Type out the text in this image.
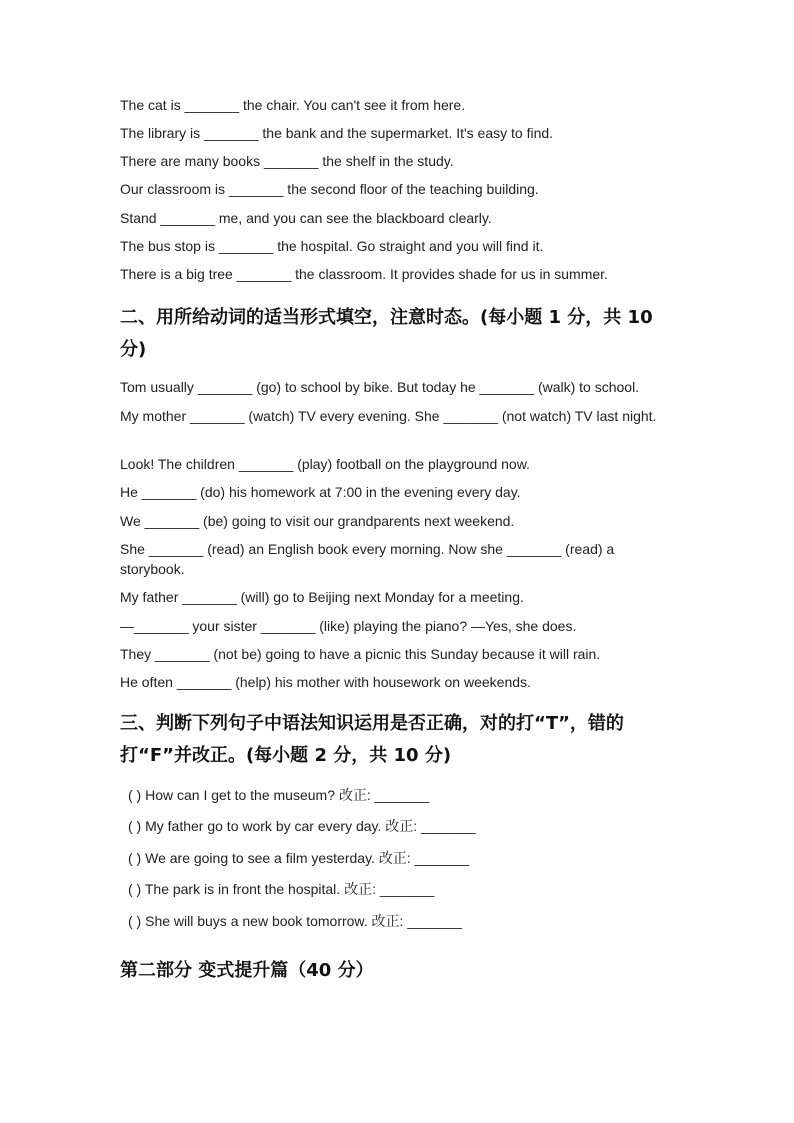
The cat is _______ the chair. You can't see it from here.
The library is _______ the bank and the supermarket. It's easy to find.
There are many books _______ the shelf in the study.
Our classroom is _______ the second floor of the teaching building.
Stand _______ me, and you can see the blackboard clearly.
The bus stop is _______ the hospital. Go straight and you will find it.
There is a big tree _______ the classroom. It provides shade for us in summer.
二、用所给动词的适当形式填空，注意时态。(每小题 1 分，共 10 分)
Tom usually _______ (go) to school by bike. But today he _______ (walk) to school.
My mother _______ (watch) TV every evening. She _______ (not watch) TV last night.
Look! The children _______ (play) football on the playground now.
He _______ (do) his homework at 7:00 in the evening every day.
We _______ (be) going to visit our grandparents next weekend.
She _______ (read) an English book every morning. Now she _______ (read) a storybook.
My father _______ (will) go to Beijing next Monday for a meeting.
—_______ your sister _______ (like) playing the piano? —Yes, she does.
They _______ (not be) going to have a picnic this Sunday because it will rain.
He often _______ (help) his mother with housework on weekends.
三、判断下列句子中语法知识运用是否正确，对的打“T”，错的打“F”并改正。(每小题 2 分，共 10 分)
( ) How can I get to the museum? 改正: _______
( ) My father go to work by car every day. 改正: _______
( ) We are going to see a film yesterday. 改正: _______
( ) The park is in front the hospital. 改正: _______
( ) She will buys a new book tomorrow. 改正: _______
第二部分 变式提升篇（40 分）
